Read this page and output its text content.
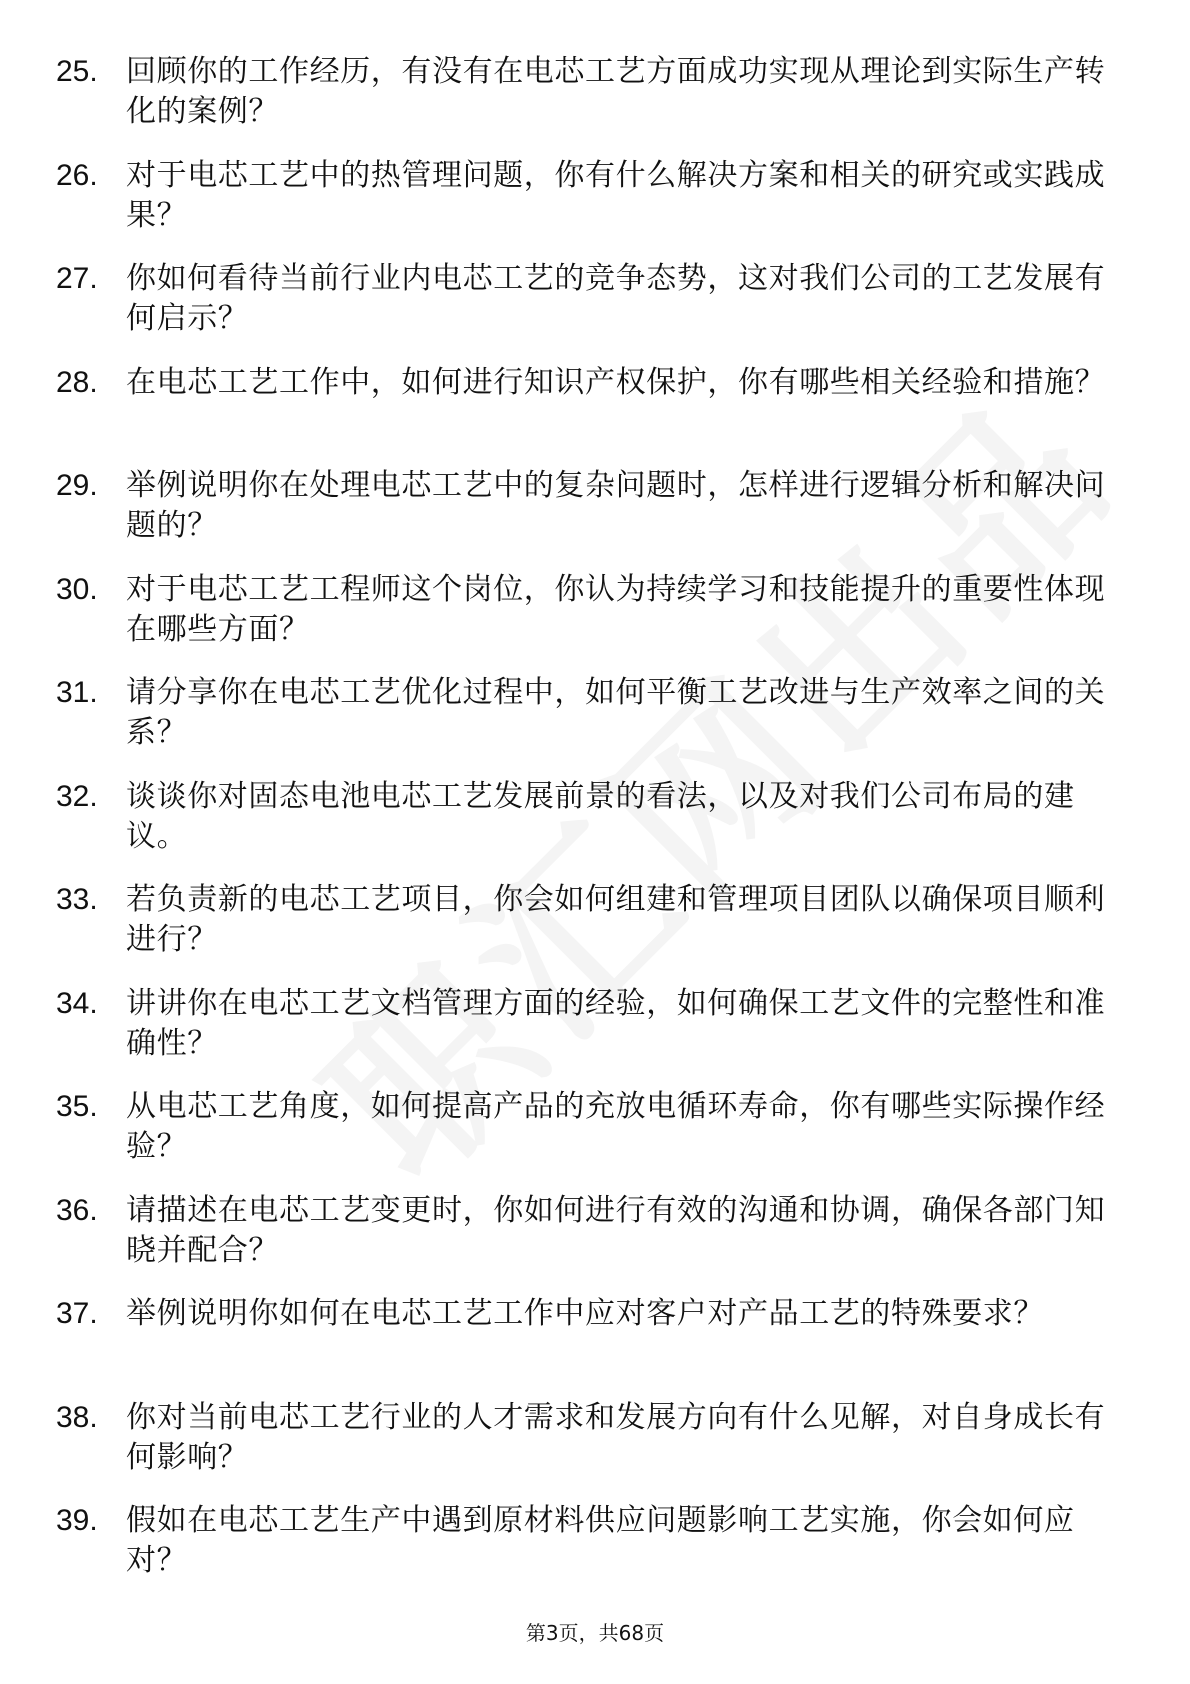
25. 回顾你的工作经历，有没有在电芯工艺方面成功实现从理论到实际生产转化的案例？
26. 对于电芯工艺中的热管理问题，你有什么解决方案和相关的研究或实践成果？
27. 你如何看待当前行业内电芯工艺的竞争态势，这对我们公司的工艺发展有何启示？
28. 在电芯工艺工作中，如何进行知识产权保护，你有哪些相关经验和措施？
29. 举例说明你在处理电芯工艺中的复杂问题时，怎样进行逻辑分析和解决问题的？
30. 对于电芯工艺工程师这个岗位，你认为持续学习和技能提升的重要性体现在哪些方面？
31. 请分享你在电芯工艺优化过程中，如何平衡工艺改进与生产效率之间的关系？
32. 谈谈你对固态电池电芯工艺发展前景的看法，以及对我们公司布局的建议。
33. 若负责新的电芯工艺项目，你会如何组建和管理项目团队以确保项目顺利进行？
34. 讲讲你在电芯工艺文档管理方面的经验，如何确保工艺文件的完整性和准确性？
35. 从电芯工艺角度，如何提高产品的充放电循环寿命，你有哪些实际操作经验？
36. 请描述在电芯工艺变更时，你如何进行有效的沟通和协调，确保各部门知晓并配合？
37. 举例说明你如何在电芯工艺工作中应对客户对产品工艺的特殊要求？
38. 你对当前电芯工艺行业的人才需求和发展方向有什么见解，对自身成长有何影响？
39. 假如在电芯工艺生产中遇到原材料供应问题影响工艺实施，你会如何应对？
第3页，共68页
